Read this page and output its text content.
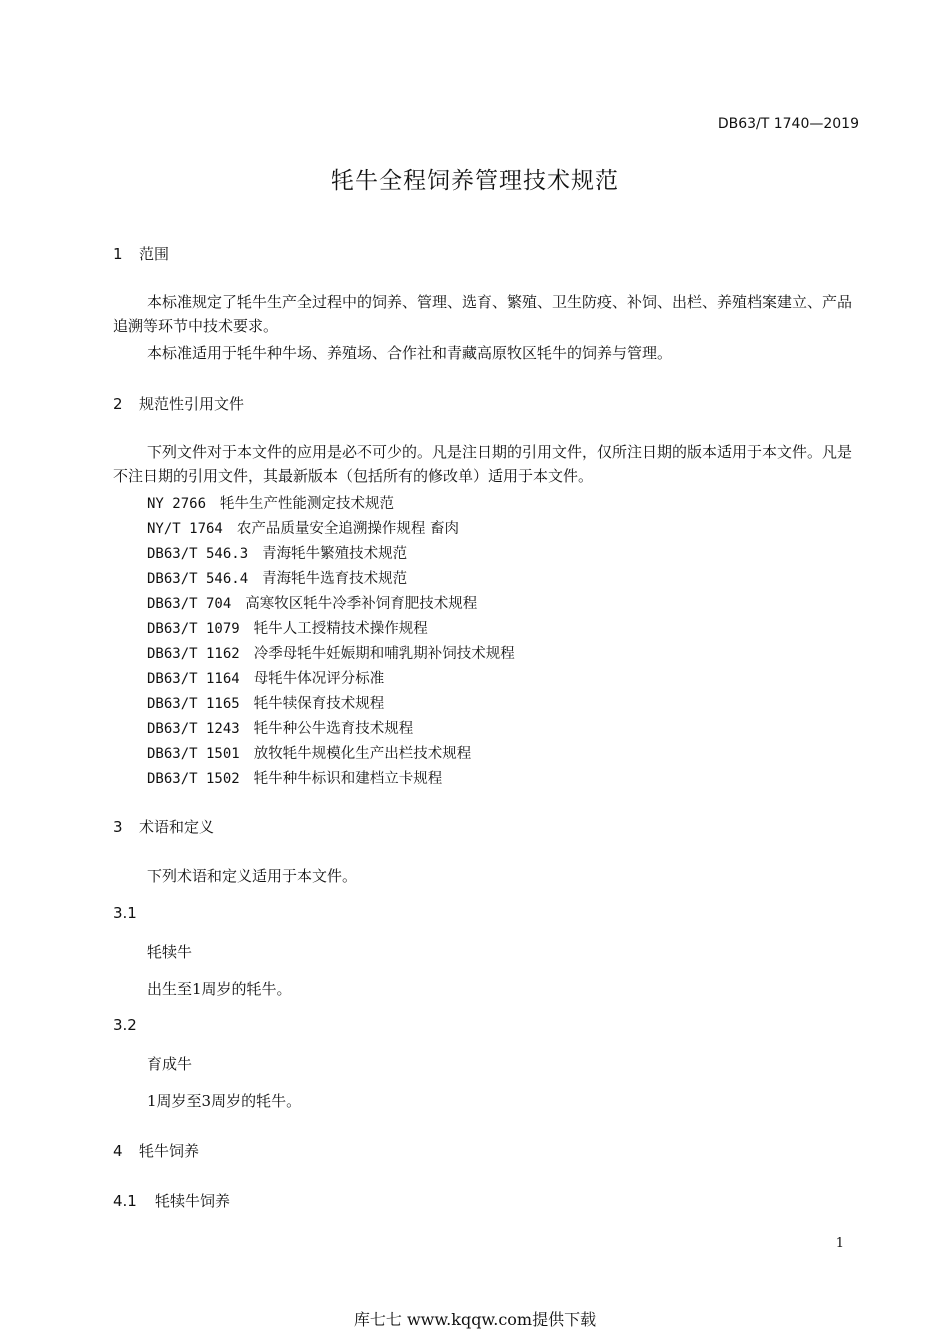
DB63/T 1740—2019
牦牛全程饲养管理技术规范
1 范围
本标准规定了牦牛生产全过程中的饲养、管理、选育、繁殖、卫生防疫、补饲、出栏、养殖档案建立、产品追溯等环节中技术要求。
本标准适用于牦牛种牛场、养殖场、合作社和青藏高原牧区牦牛的饲养与管理。
2 规范性引用文件
下列文件对于本文件的应用是必不可少的。凡是注日期的引用文件，仅所注日期的版本适用于本文件。凡是不注日期的引用文件，其最新版本（包括所有的修改单）适用于本文件。
NY 2766 牦牛生产性能测定技术规范
NY/T 1764 农产品质量安全追溯操作规程 畜肉
DB63/T 546.3 青海牦牛繁殖技术规范
DB63/T 546.4 青海牦牛选育技术规范
DB63/T 704 高寒牧区牦牛冷季补饲育肥技术规程
DB63/T 1079 牦牛人工授精技术操作规程
DB63/T 1162 冷季母牦牛妊娠期和哺乳期补饲技术规程
DB63/T 1164 母牦牛体况评分标准
DB63/T 1165 牦牛犊保育技术规程
DB63/T 1243 牦牛种公牛选育技术规程
DB63/T 1501 放牧牦牛规模化生产出栏技术规程
DB63/T 1502 牦牛种牛标识和建档立卡规程
3 术语和定义
下列术语和定义适用于本文件。
3.1
牦犊牛
出生至1周岁的牦牛。
3.2
育成牛
1周岁至3周岁的牦牛。
4 牦牛饲养
4.1 牦犊牛饲养
1
库七七 www.kqqw.com提供下载
